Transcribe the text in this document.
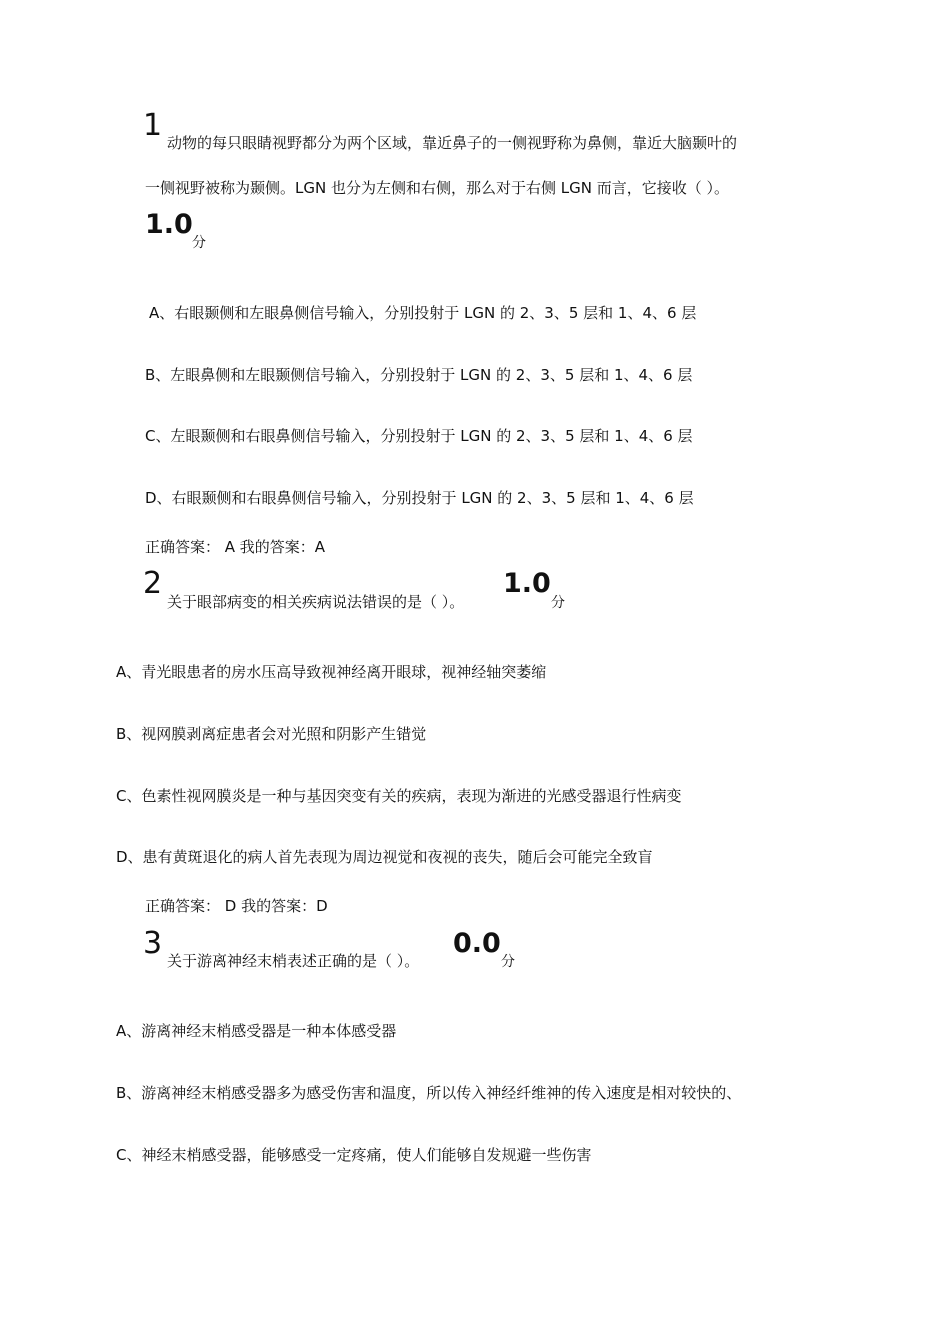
1 动物的每只眼睛视野都分为两个区域，靠近鼻子的一侧视野称为鼻侧，靠近大脑颞叶的
一侧视野被称为颞侧。LGN 也分为左侧和右侧，那么对于右侧 LGN 而言，它接收（ ）。
1.0
分
A、右眼颞侧和左眼鼻侧信号输入，分别投射于 LGN 的 2、3、5 层和 1、4、6 层
B、左眼鼻侧和左眼颞侧信号输入，分别投射于 LGN 的 2、3、5 层和 1、4、6 层
C、左眼颞侧和右眼鼻侧信号输入，分别投射于 LGN 的 2、3、5 层和 1、4、6 层
D、右眼颞侧和右眼鼻侧信号输入，分别投射于 LGN 的 2、3、5 层和 1、4、6 层
正确答案： A 我的答案：A
2
关于眼部病变的相关疾病说法错误的是（ ）。
1.0
分
A、青光眼患者的房水压高导致视神经离开眼球，视神经轴突萎缩
B、视网膜剥离症患者会对光照和阴影产生错觉
C、色素性视网膜炎是一种与基因突变有关的疾病，表现为渐进的光感受器退行性病变
D、患有黄斑退化的病人首先表现为周边视觉和夜视的丧失，随后会可能完全致盲
正确答案： D 我的答案：D
3 关于游离神经末梢表述正确的是（ ）。
0.0
分
A、游离神经末梢感受器是一种本体感受器
B、游离神经末梢感受器多为感受伤害和温度，所以传入神经纤维神的传入速度是相对较快的、
C、神经末梢感受器，能够感受一定疼痛，使人们能够自发规避一些伤害
